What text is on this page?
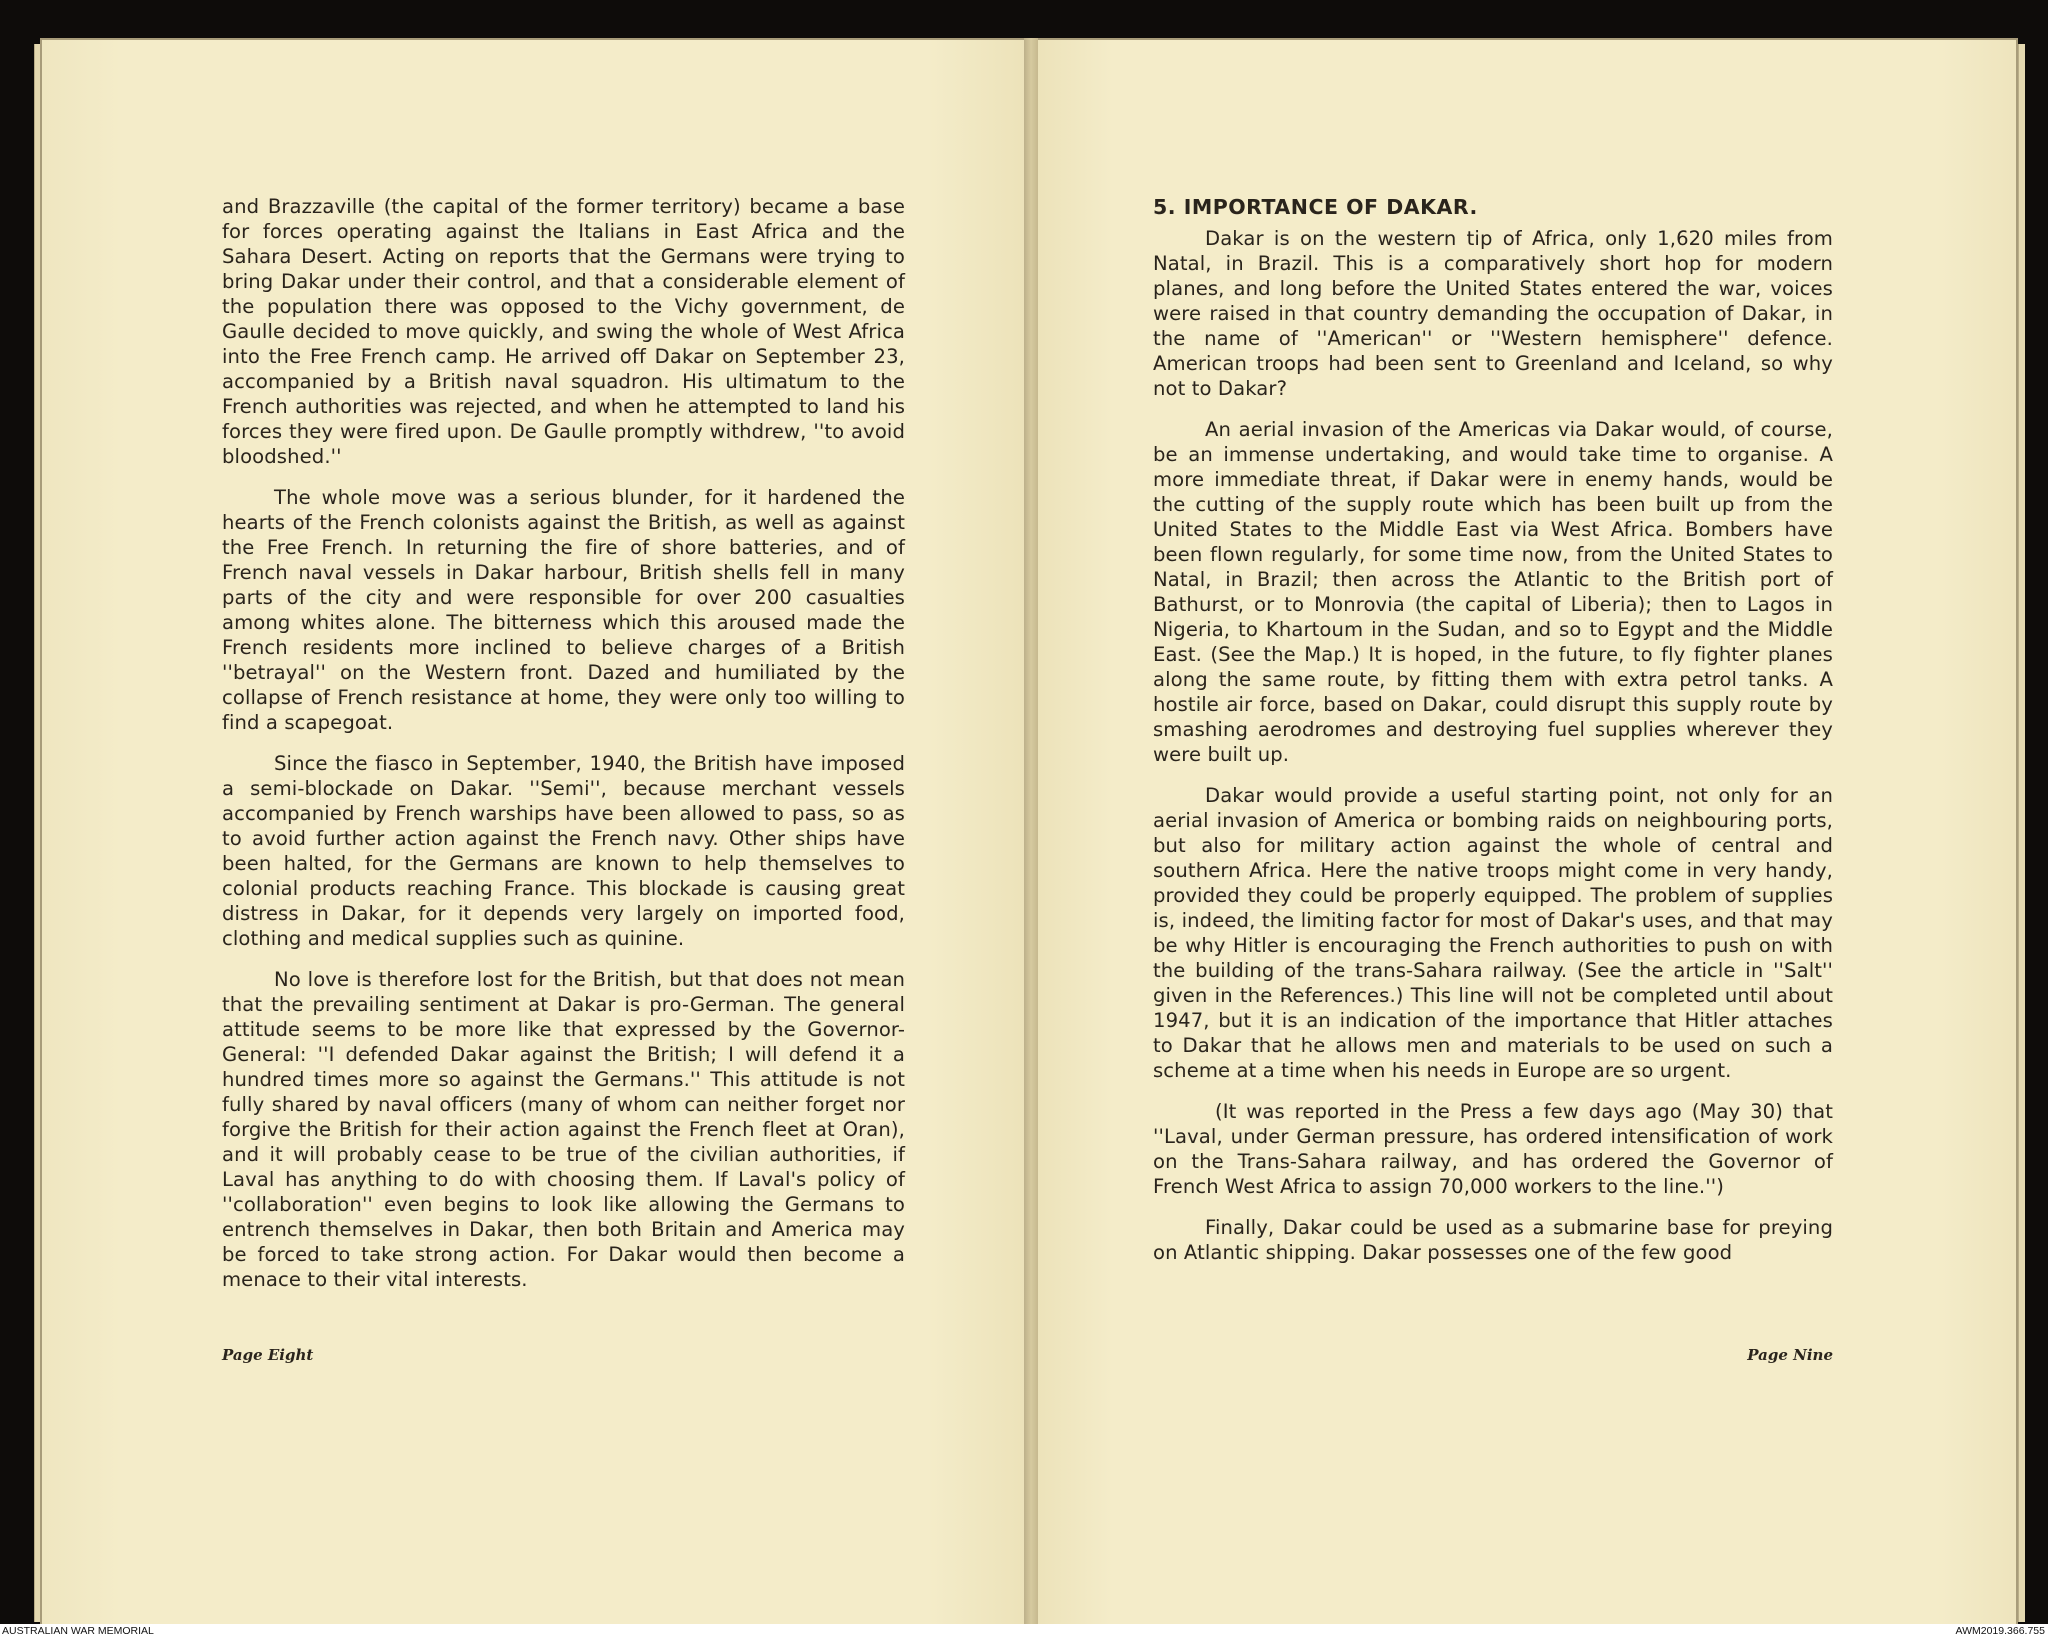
and Brazzaville (the capital of the former territory) became a base for forces operating against the Italians in East Africa and the Sahara Desert. Acting on reports that the Germans were trying to bring Dakar under their control, and that a considerable element of the population there was opposed to the Vichy government, de Gaulle decided to move quickly, and swing the whole of West Africa into the Free French camp. He arrived off Dakar on September 23, accompanied by a British naval squadron. His ultimatum to the French authorities was rejected, and when he attempted to land his forces they were fired upon. De Gaulle promptly withdrew, ''to avoid bloodshed.''

The whole move was a serious blunder, for it hardened the hearts of the French colonists against the British, as well as against the Free French. In returning the fire of shore batteries, and of French naval vessels in Dakar harbour, British shells fell in many parts of the city and were responsible for over 200 casualties among whites alone. The bitterness which this aroused made the French residents more inclined to believe charges of a British ''betrayal'' on the Western front. Dazed and humiliated by the collapse of French resistance at home, they were only too willing to find a scapegoat.

Since the fiasco in September, 1940, the British have imposed a semi-blockade on Dakar. ''Semi'', because merchant vessels accompanied by French warships have been allowed to pass, so as to avoid further action against the French navy. Other ships have been halted, for the Germans are known to help themselves to colonial products reaching France. This blockade is causing great distress in Dakar, for it depends very largely on imported food, clothing and medical supplies such as quinine.

No love is therefore lost for the British, but that does not mean that the prevailing sentiment at Dakar is pro-German. The general attitude seems to be more like that expressed by the Governor-General: ''I defended Dakar against the British; I will defend it a hundred times more so against the Germans.'' This attitude is not fully shared by naval officers (many of whom can neither forget nor forgive the British for their action against the French fleet at Oran), and it will probably cease to be true of the civilian authorities, if Laval has anything to do with choosing them. If Laval's policy of ''collaboration'' even begins to look like allowing the Germans to entrench themselves in Dakar, then both Britain and America may be forced to take strong action. For Dakar would then become a menace to their vital interests.

Page Eight
5. IMPORTANCE OF DAKAR.

Dakar is on the western tip of Africa, only 1,620 miles from Natal, in Brazil. This is a comparatively short hop for modern planes, and long before the United States entered the war, voices were raised in that country demanding the occupation of Dakar, in the name of ''American'' or ''Western hemisphere'' defence. American troops had been sent to Greenland and Iceland, so why not to Dakar?

An aerial invasion of the Americas via Dakar would, of course, be an immense undertaking, and would take time to organise. A more immediate threat, if Dakar were in enemy hands, would be the cutting of the supply route which has been built up from the United States to the Middle East via West Africa. Bombers have been flown regularly, for some time now, from the United States to Natal, in Brazil; then across the Atlantic to the British port of Bathurst, or to Monrovia (the capital of Liberia); then to Lagos in Nigeria, to Khartoum in the Sudan, and so to Egypt and the Middle East. (See the Map.) It is hoped, in the future, to fly fighter planes along the same route, by fitting them with extra petrol tanks. A hostile air force, based on Dakar, could disrupt this supply route by smashing aerodromes and destroying fuel supplies wherever they were built up.

Dakar would provide a useful starting point, not only for an aerial invasion of America or bombing raids on neighbouring ports, but also for military action against the whole of central and southern Africa. Here the native troops might come in very handy, provided they could be properly equipped. The problem of supplies is, indeed, the limiting factor for most of Dakar's uses, and that may be why Hitler is encouraging the French authorities to push on with the building of the trans-Sahara railway. (See the article in ''Salt'' given in the References.) This line will not be completed until about 1947, but it is an indication of the importance that Hitler attaches to Dakar that he allows men and materials to be used on such a scheme at a time when his needs in Europe are so urgent.

(It was reported in the Press a few days ago (May 30) that ''Laval, under German pressure, has ordered intensification of work on the Trans-Sahara railway, and has ordered the Governor of French West Africa to assign 70,000 workers to the line.'')

Finally, Dakar could be used as a submarine base for preying on Atlantic shipping. Dakar possesses one of the few good

Page Nine
AUSTRALIAN WAR MEMORIAL	AWM2019.366.755
